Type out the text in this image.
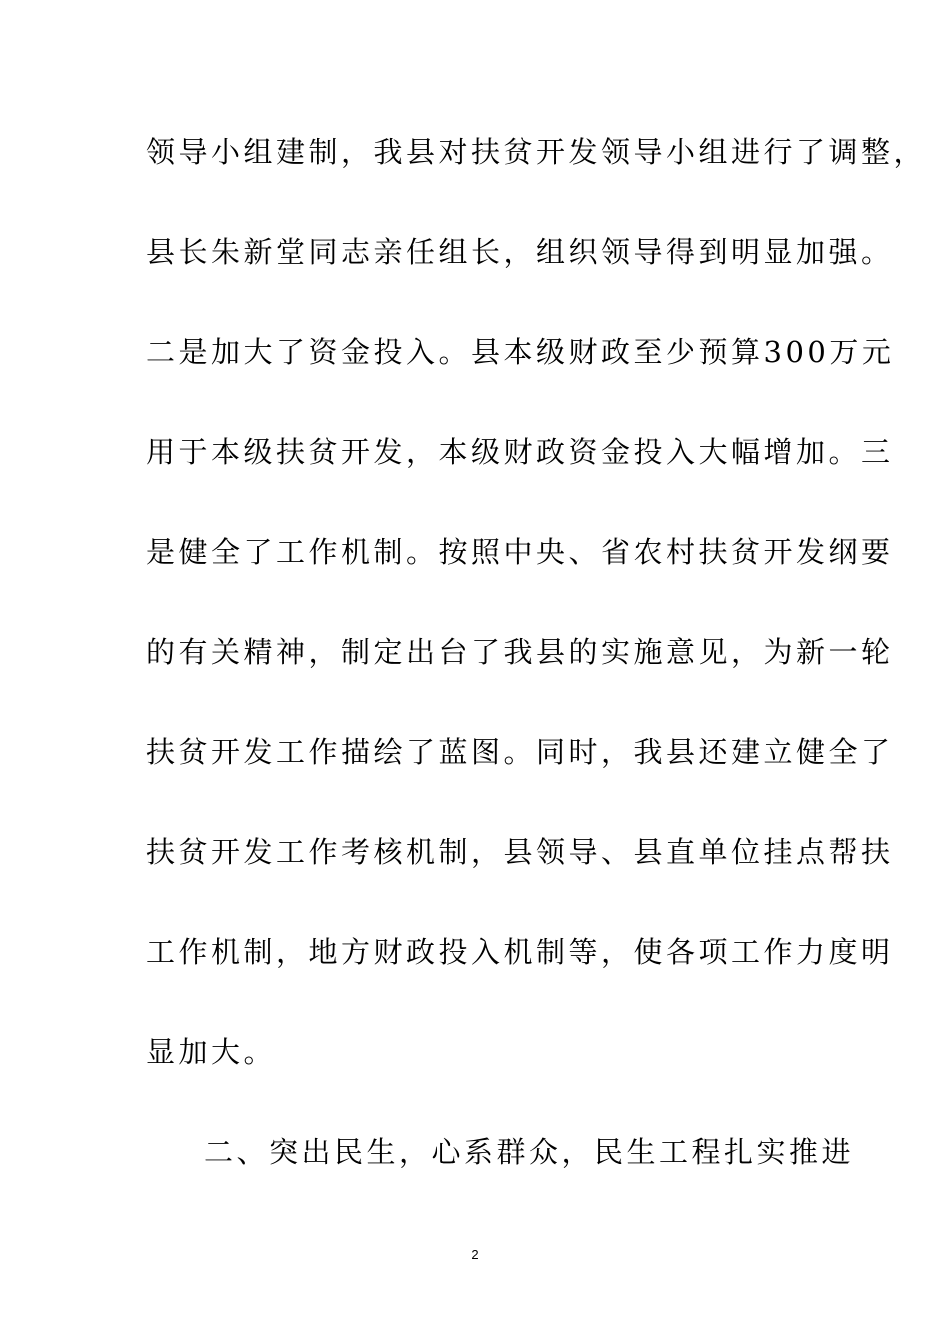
领导小组建制，我县对扶贫开发领导小组进行了调整，
县长朱新堂同志亲任组长，组织领导得到明显加强。
二是加大了资金投入。县本级财政至少预算300万元
用于本级扶贫开发，本级财政资金投入大幅增加。三
是健全了工作机制。按照中央、省农村扶贫开发纲要
的有关精神，制定出台了我县的实施意见，为新一轮
扶贫开发工作描绘了蓝图。同时，我县还建立健全了
扶贫开发工作考核机制，县领导、县直单位挂点帮扶
工作机制，地方财政投入机制等，使各项工作力度明
显加大。
二、突出民生，心系群众，民生工程扎实推进
2
